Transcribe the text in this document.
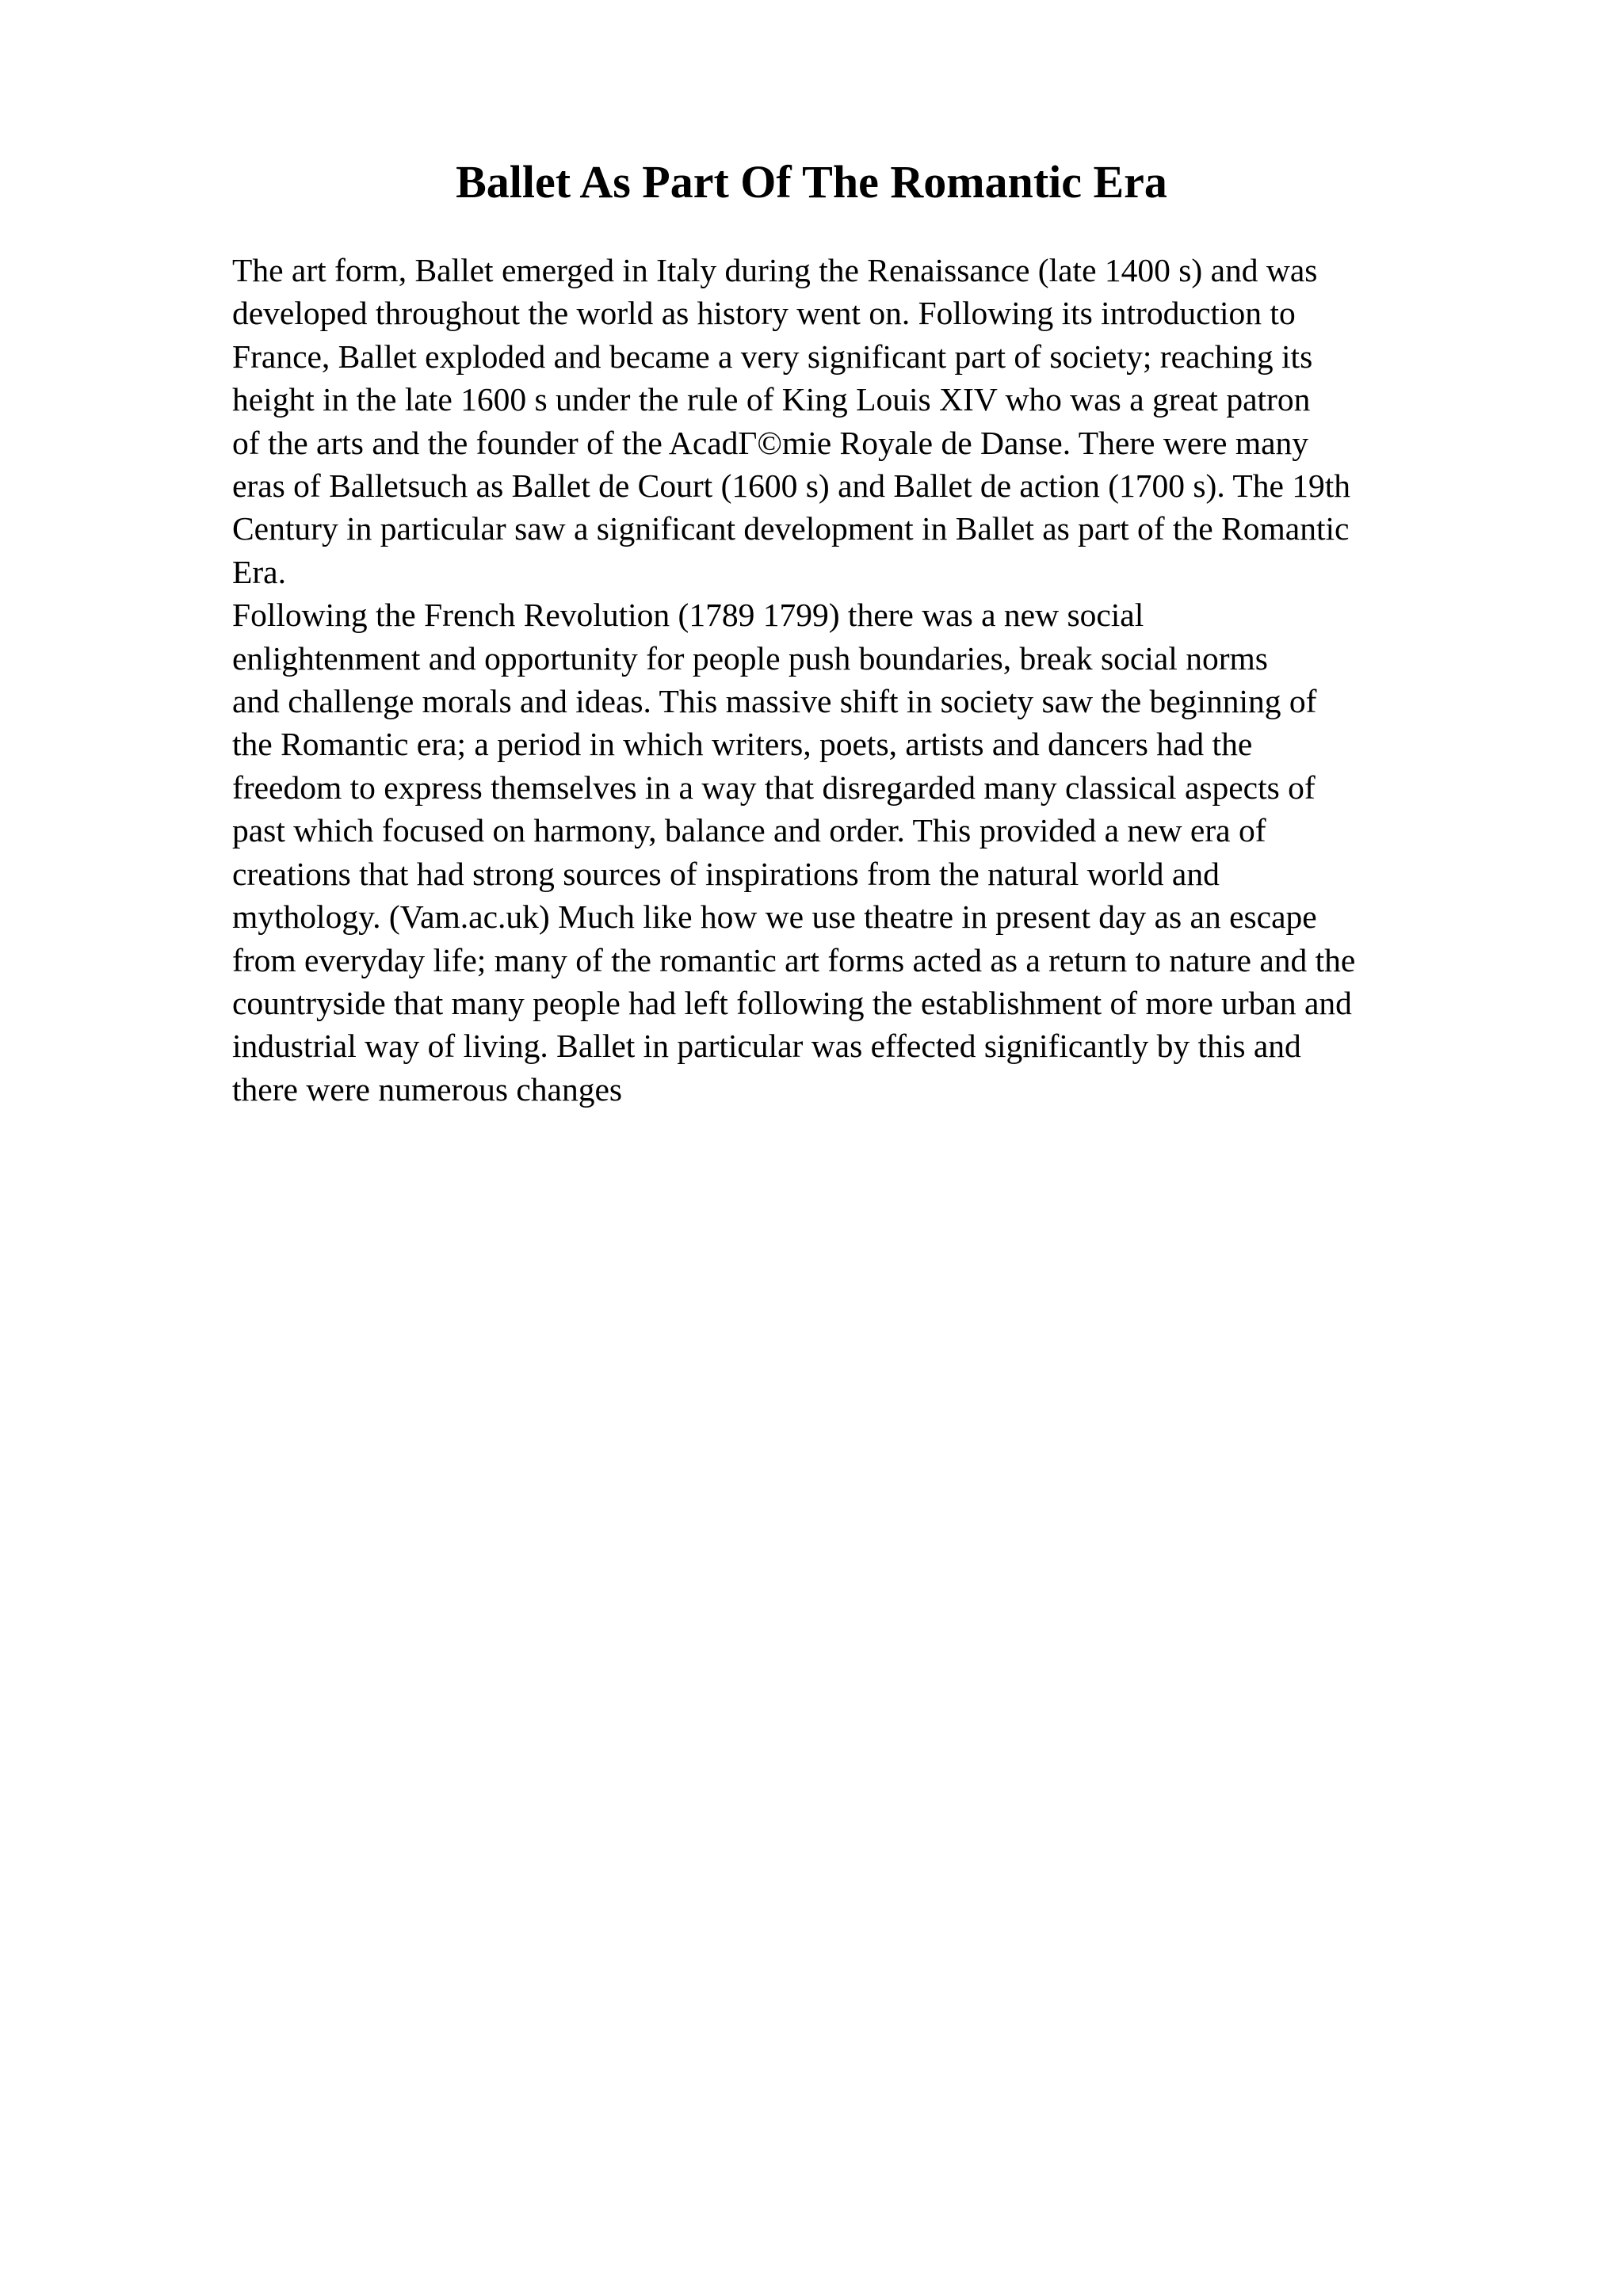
Ballet As Part Of The Romantic Era
The art form, Ballet emerged in Italy during the Renaissance (late 1400 s) and was
developed throughout the world as history went on. Following its introduction to
France, Ballet exploded and became a very significant part of society; reaching its
height in the late 1600 s under the rule of King Louis XIV who was a great patron
of the arts and the founder of the AcadΓ©mie Royale de Danse. There were many
eras of Balletsuch as Ballet de Court (1600 s) and Ballet de action (1700 s). The 19th
Century in particular saw a significant development in Ballet as part of the Romantic
Era.
Following the French Revolution (1789 1799) there was a new social
enlightenment and opportunity for people push boundaries, break social norms
and challenge morals and ideas. This massive shift in society saw the beginning of
the Romantic era; a period in which writers, poets, artists and dancers had the
freedom to express themselves in a way that disregarded many classical aspects of
past which focused on harmony, balance and order. This provided a new era of
creations that had strong sources of inspirations from the natural world and
mythology. (Vam.ac.uk) Much like how we use theatre in present day as an escape
from everyday life; many of the romantic art forms acted as a return to nature and the
countryside that many people had left following the establishment of more urban and
industrial way of living. Ballet in particular was effected significantly by this and
there were numerous changes
